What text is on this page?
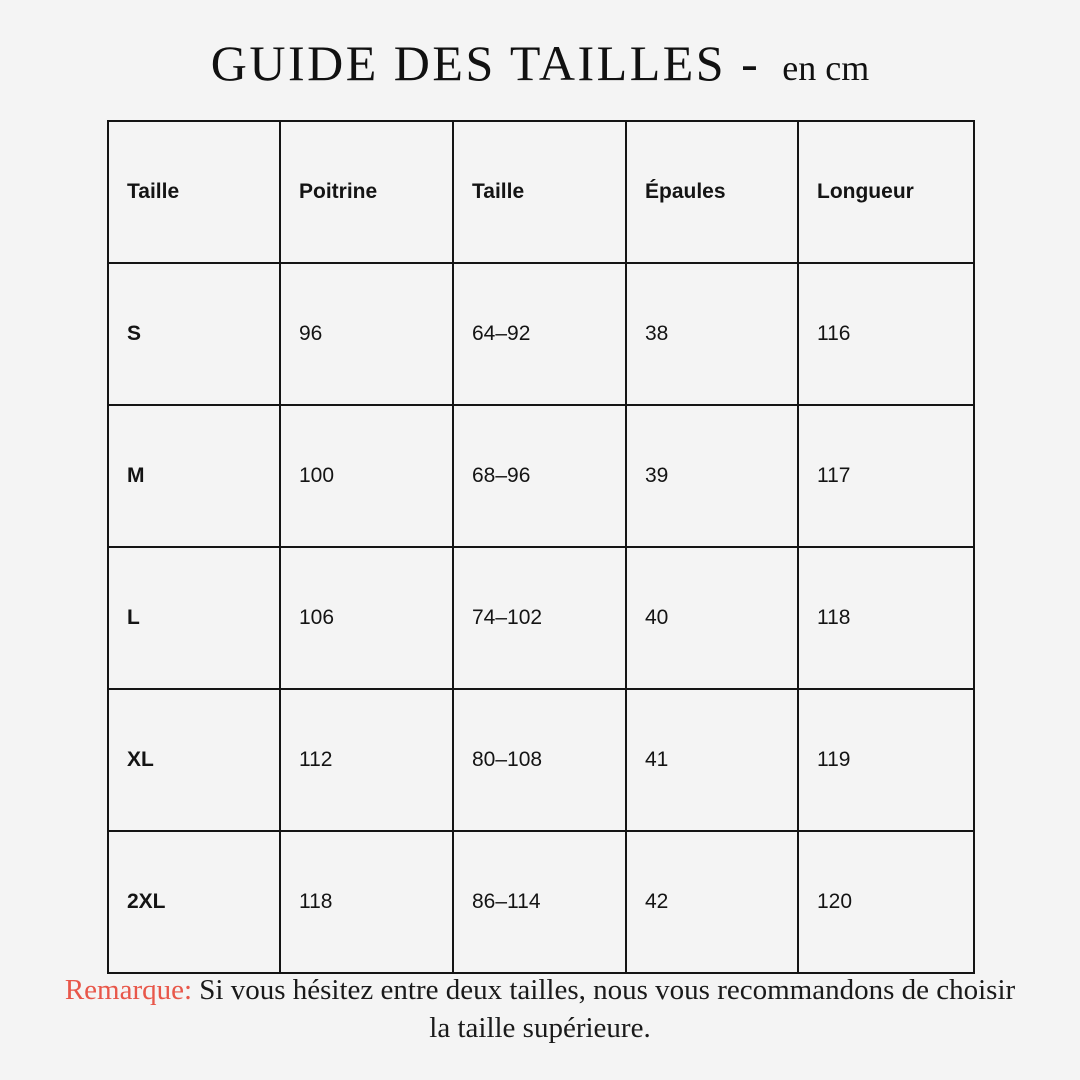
GUIDE DES TAILLES - en cm
Taille	Poitrine	Taille	Épaules	Longueur
S	96	64–92	38	116
M	100	68–96	39	117
L	106	74–102	40	118
XL	112	80–108	41	119
2XL	118	86–114	42	120
Remarque: Si vous hésitez entre deux tailles, nous vous recommandons de choisir la taille supérieure.
